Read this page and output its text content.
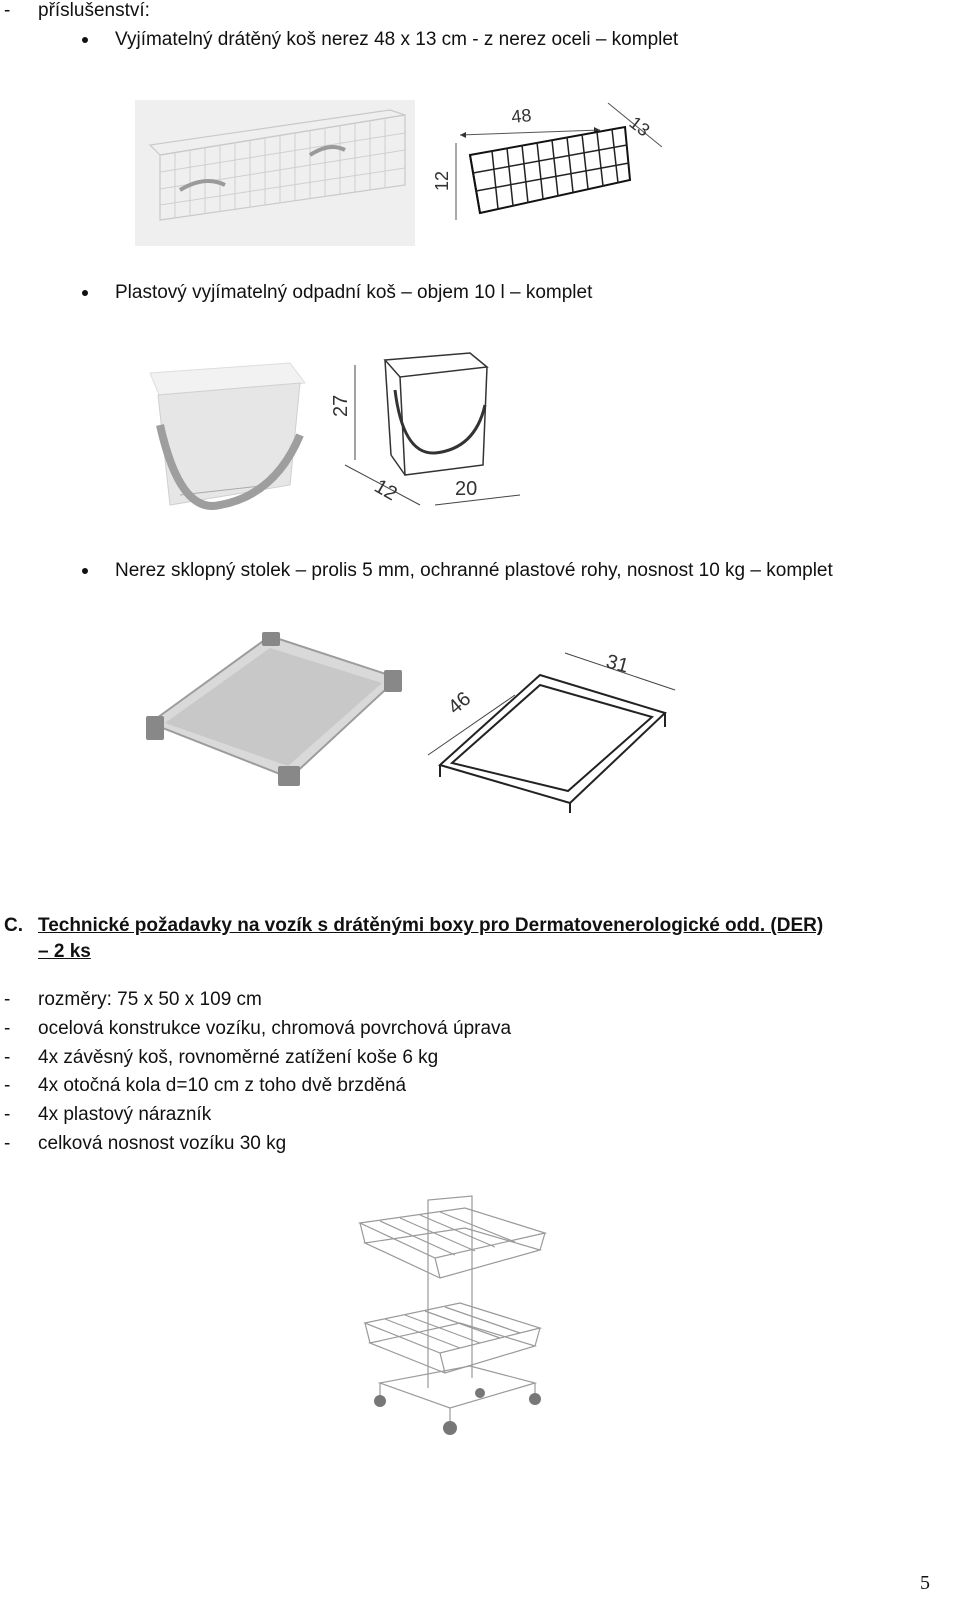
- příslušenství:
Vyjímatelný drátěný koš nerez 48 x 13 cm - z nerez oceli – komplet
48	13
12
Plastový vyjímatelný odpadní koš – objem 10 l – komplet
27
12	20
Nerez sklopný stolek – prolis 5 mm, ochranné plastové rohy, nosnost 10 kg – komplet
31
46
C. Technické požadavky na vozík s drátěnými boxy pro Dermatovenerologické odd. (DER)
– 2 ks
- rozměry: 75 x 50 x 109 cm
- ocelová konstrukce vozíku, chromová povrchová úprava
- 4x závěsný koš, rovnoměrné zatížení koše 6 kg
- 4x otočná kola d=10 cm z toho dvě brzděná
- 4x plastový nárazník
- celková nosnost vozíku 30 kg
5
